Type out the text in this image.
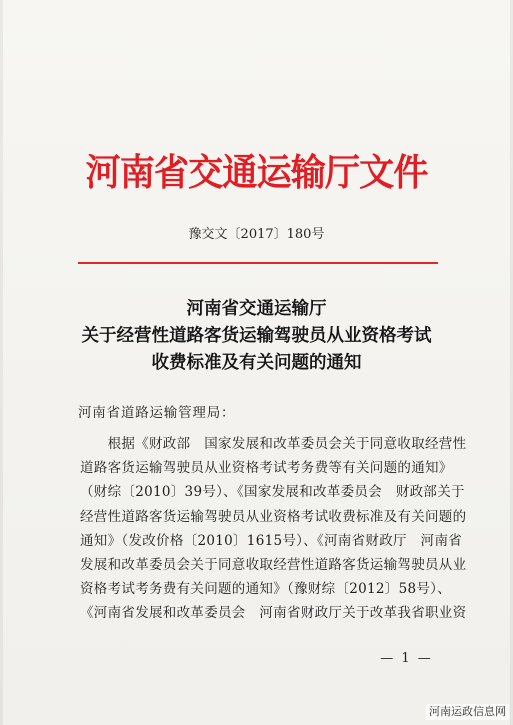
河南省交通运输厅文件
豫交文〔2017〕180号
河南省交通运输厅
关于经营性道路客货运输驾驶员从业资格考试
收费标准及有关问题的通知
河南省道路运输管理局：
　　根据《财政部　国家发展和改革委员会关于同意收取经营性
道路客货运输驾驶员从业资格考试考务费等有关问题的通知》
（财综〔2010〕39号）、《国家发展和改革委员会　财政部关于
经营性道路客货运输驾驶员从业资格考试收费标准及有关问题的
通知》（发改价格〔2010〕1615号）、《河南省财政厅　河南省
发展和改革委员会关于同意收取经营性道路客货运输驾驶员从业
资格考试考务费有关问题的通知》（豫财综〔2012〕58号）、
《河南省发展和改革委员会　河南省财政厅关于改革我省职业资
— 1 —
河南运政信息网
